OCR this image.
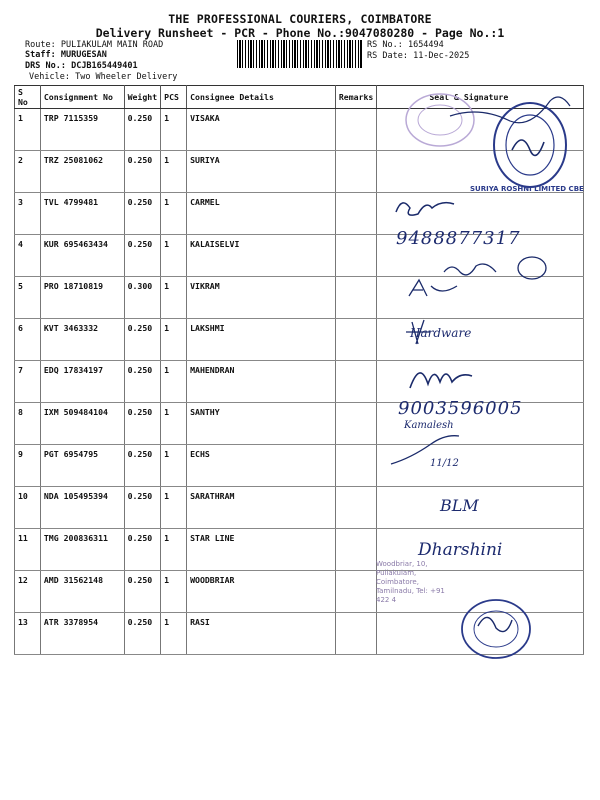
THE PROFESSIONAL COURIERS, COIMBATORE
Delivery Runsheet - PCR - Phone No.:9047080280 - Page No.:1
Route: PULIAKULAM MAIN ROAD
Staff: MURUGESAN
DRS No.: DCJB165449401
Vehicle: Two Wheeler Delivery
RS No.: 1654494
RS Date: 11-Dec-2025
S No	Consignment No	Weight	PCS	Consignee Details	Remarks	Seal & Signature
1	TRP 7115359	0.250	1	VISAKA		
2	TRZ 25081062	0.250	1	SURIYA		
3	TVL 4799481	0.250	1	CARMEL		
4	KUR 695463434	0.250	1	KALAISELVI		
5	PRO 18710819	0.300	1	VIKRAM		
6	KVT 3463332	0.250	1	LAKSHMI		
7	EDQ 17834197	0.250	1	MAHENDRAN		
8	IXM 509484104	0.250	1	SANTHY		
9	PGT 6954795	0.250	1	ECHS		
10	NDA 105495394	0.250	1	SARATHRAM		
11	TMG 200836311	0.250	1	STAR LINE		
12	AMD 31562148	0.250	1	WOODBRIAR		
13	ATR 3378954	0.250	1	RASI		
SURIYA ROSHNI LIMITED CBE
9488877317
Hardware
9003596005
Kamalesh
11/12
BLM
Dharshini
Woodbriar, 10, Puliakulam, Coimbatore, Tamilnadu, Tel: +91 422 4
